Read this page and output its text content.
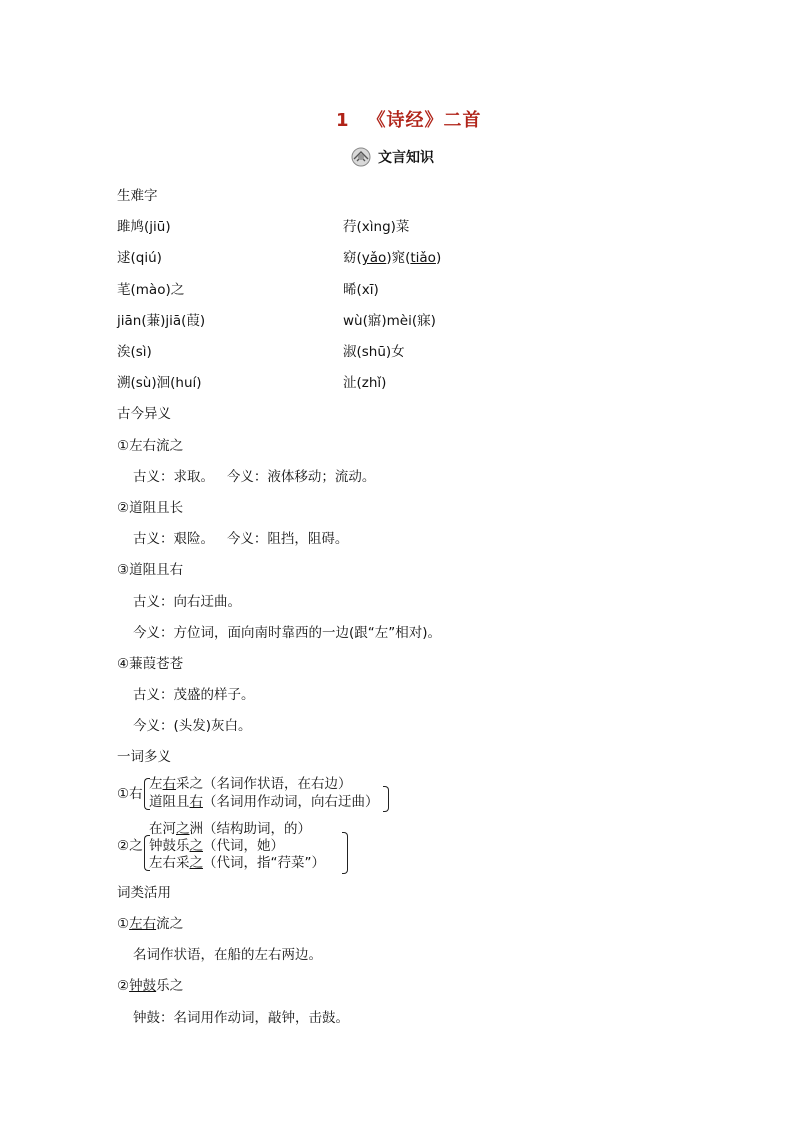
1 《诗经》二首
文言知识
生难字
雎鸠(jiū)	荇(xìng)菜
逑(qiú)	窈(yǎo)窕(tiǎo)
芼(mào)之	晞(xī)
jiān(蒹)jiā(葭)	wù(寤)mèi(寐)
涘(sì)	淑(shū)女
溯(sù)洄(huí)	沚(zhǐ)
古今异义
①左右流之
古义：求取。   今义：液体移动；流动。
②道阻且长
古义：艰险。   今义：阻挡，阻碍。
③道阻且右
古义：向右迂曲。
今义：方位词，面向南时靠西的一边(跟“左”相对)。
④蒹葭苍苍
古义：茂盛的样子。
今义：(头发)灰白。
一词多义
①右
左右采之（名词作状语，在右边）
道阻且右（名词用作动词，向右迂曲）
②之
在河之洲（结构助词，的）
钟鼓乐之（代词，她）
左右采之（代词，指“荇菜”）
词类活用
①左右流之
名词作状语，在船的左右两边。
②钟鼓乐之
钟鼓：名词用作动词，敲钟，击鼓。
